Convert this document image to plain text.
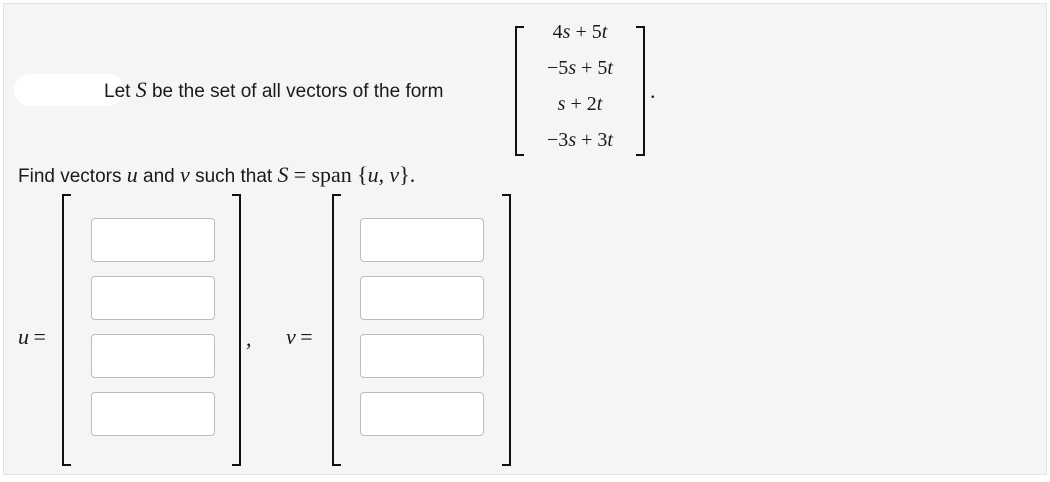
Let S be the set of all vectors of the form
4s + 5t
−5s + 5t
s + 2t
−3s + 3t
.
Find vectors u and v such that S = span {u, v}.
u =	, v =
